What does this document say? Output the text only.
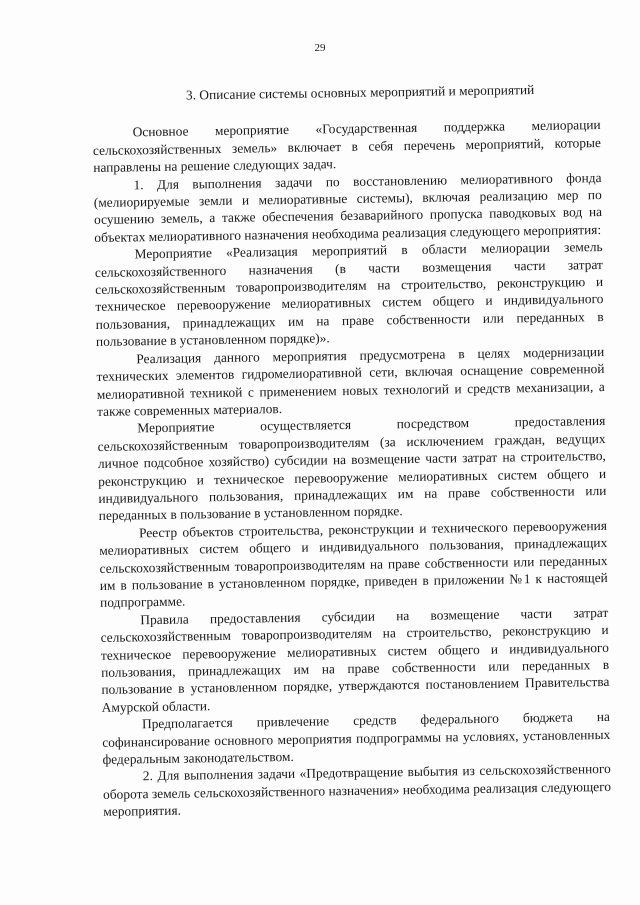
29
3. Описание системы основных мероприятий и мероприятий

Основное мероприятие «Государственная поддержка мелиорации сельскохозяйственных земель» включает в себя перечень мероприятий, которые направлены на решение следующих задач.

1. Для выполнения задачи по восстановлению мелиоративного фонда (мелиорируемые земли и мелиоративные системы), включая реализацию мер по осушению земель, а также обеспечения безаварийного пропуска паводковых вод на объектах мелиоративного назначения необходима реализация следующего мероприятия:

Мероприятие «Реализация мероприятий в области мелиорации земель сельскохозяйственного назначения (в части возмещения части затрат сельскохозяйственным товаропроизводителям на строительство, реконструкцию и техническое перевооружение мелиоративных систем общего и индивидуального пользования, принадлежащих им на праве собственности или переданных в пользование в установленном порядке)».

Реализация данного мероприятия предусмотрена в целях модернизации технических элементов гидромелиоративной сети, включая оснащение современной мелиоративной техникой с применением новых технологий и средств механизации, а также современных материалов.

Мероприятие осуществляется посредством предоставления сельскохозяйственным товаропроизводителям (за исключением граждан, ведущих личное подсобное хозяйство) субсидии на возмещение части затрат на строительство, реконструкцию и техническое перевооружение мелиоративных систем общего и индивидуального пользования, принадлежащих им на праве собственности или переданных в пользование в установленном порядке.

Реестр объектов строительства, реконструкции и технического перевооружения мелиоративных систем общего и индивидуального пользования, принадлежащих сельскохозяйственным товаропроизводителям на праве собственности или переданных им в пользование в установленном порядке, приведен в приложении №1 к настоящей подпрограмме.

Правила предоставления субсидии на возмещение части затрат сельскохозяйственным товаропроизводителям на строительство, реконструкцию и техническое перевооружение мелиоративных систем общего и индивидуального пользования, принадлежащих им на праве собственности или переданных в пользование в установленном порядке, утверждаются постановлением Правительства Амурской области.

Предполагается привлечение средств федерального бюджета на софинансирование основного мероприятия подпрограммы на условиях, установленных федеральным законодательством.

2. Для выполнения задачи «Предотвращение выбытия из сельскохозяйственного оборота земель сельскохозяйственного назначения» необходима реализация следующего мероприятия.
